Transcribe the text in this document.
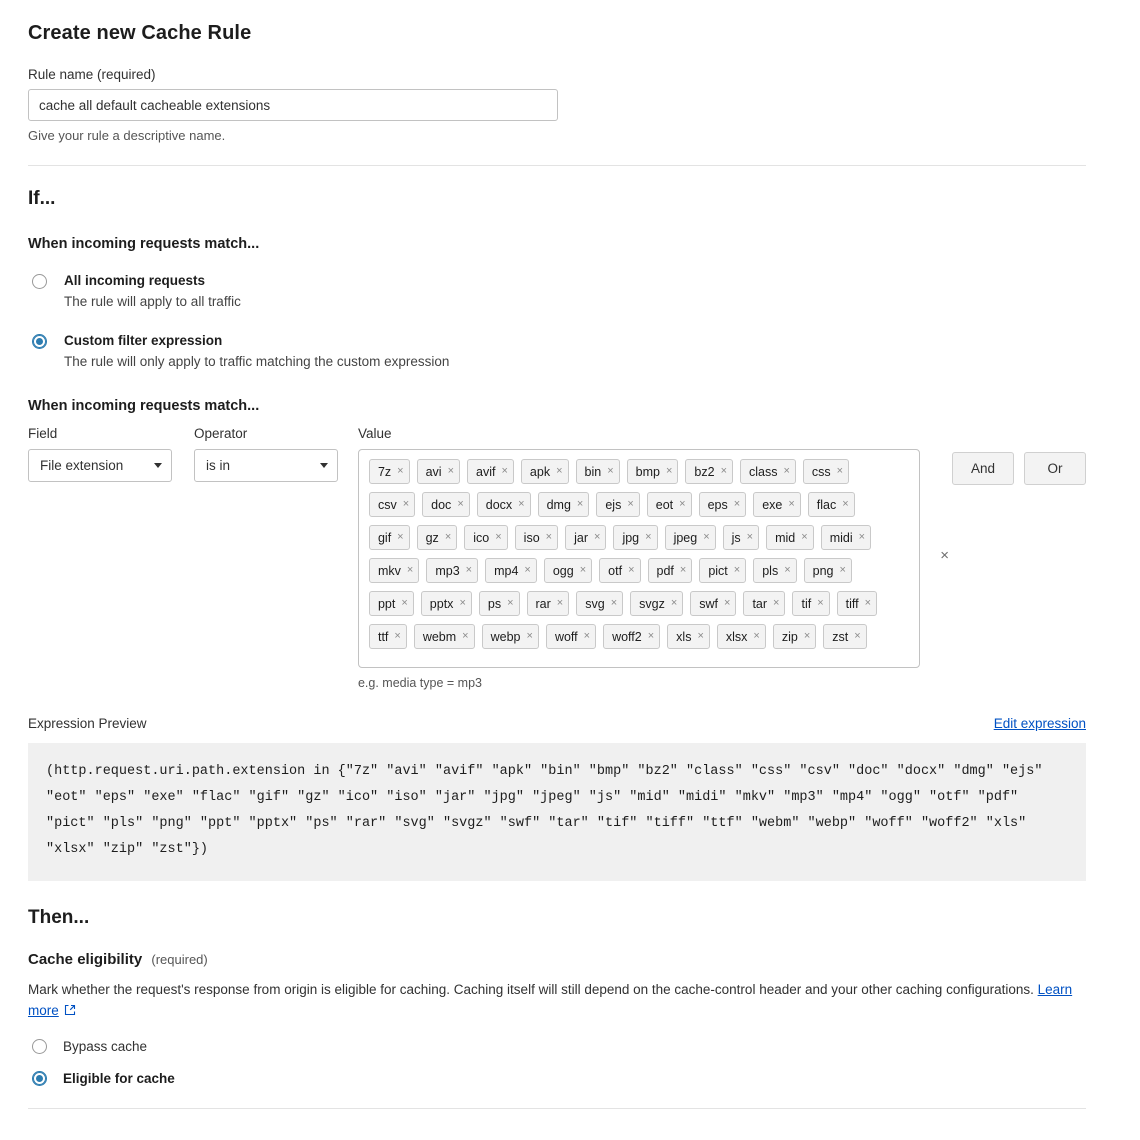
Create new Cache Rule
Rule name (required)
cache all default cacheable extensions
Give your rule a descriptive name.
If...
When incoming requests match...
All incoming requests
The rule will apply to all traffic
Custom filter expression
The rule will only apply to traffic matching the custom expression
When incoming requests match...
Field
File extension
Operator
is in
Value
7z × avi × avif × apk × bin × bmp × bz2 × class × css ×
csv × doc × docx × dmg × ejs × eot × eps × exe × flac ×
gif × gz × ico × iso × jar × jpg × jpeg × js × mid × midi ×
mkv × mp3 × mp4 × ogg × otf × pdf × pict × pls × png ×
ppt × pptx × ps × rar × svg × svgz × swf × tar × tif × tiff ×
ttf × webm × webp × woff × woff2 × xls × xlsx × zip × zst ×
×
e.g. media type = mp3
And	Or
Expression Preview	Edit expression
(http.request.uri.path.extension in {"7z" "avi" "avif" "apk" "bin" "bmp" "bz2" "class" "css" "csv" "doc" "docx" "dmg" "ejs" "eot" "eps" "exe" "flac" "gif" "gz" "ico" "iso" "jar" "jpg" "jpeg" "js" "mid" "midi" "mkv" "mp3" "mp4" "ogg" "otf" "pdf" "pict" "pls" "png" "ppt" "pptx" "ps" "rar" "svg" "svgz" "swf" "tar" "tif" "tiff" "ttf" "webm" "webp" "woff" "woff2" "xls" "xlsx" "zip" "zst"})
Then...
Cache eligibility (required)
Mark whether the request's response from origin is eligible for caching. Caching itself will still depend on the cache-control header and your other caching configurations. Learn more
Bypass cache
Eligible for cache
